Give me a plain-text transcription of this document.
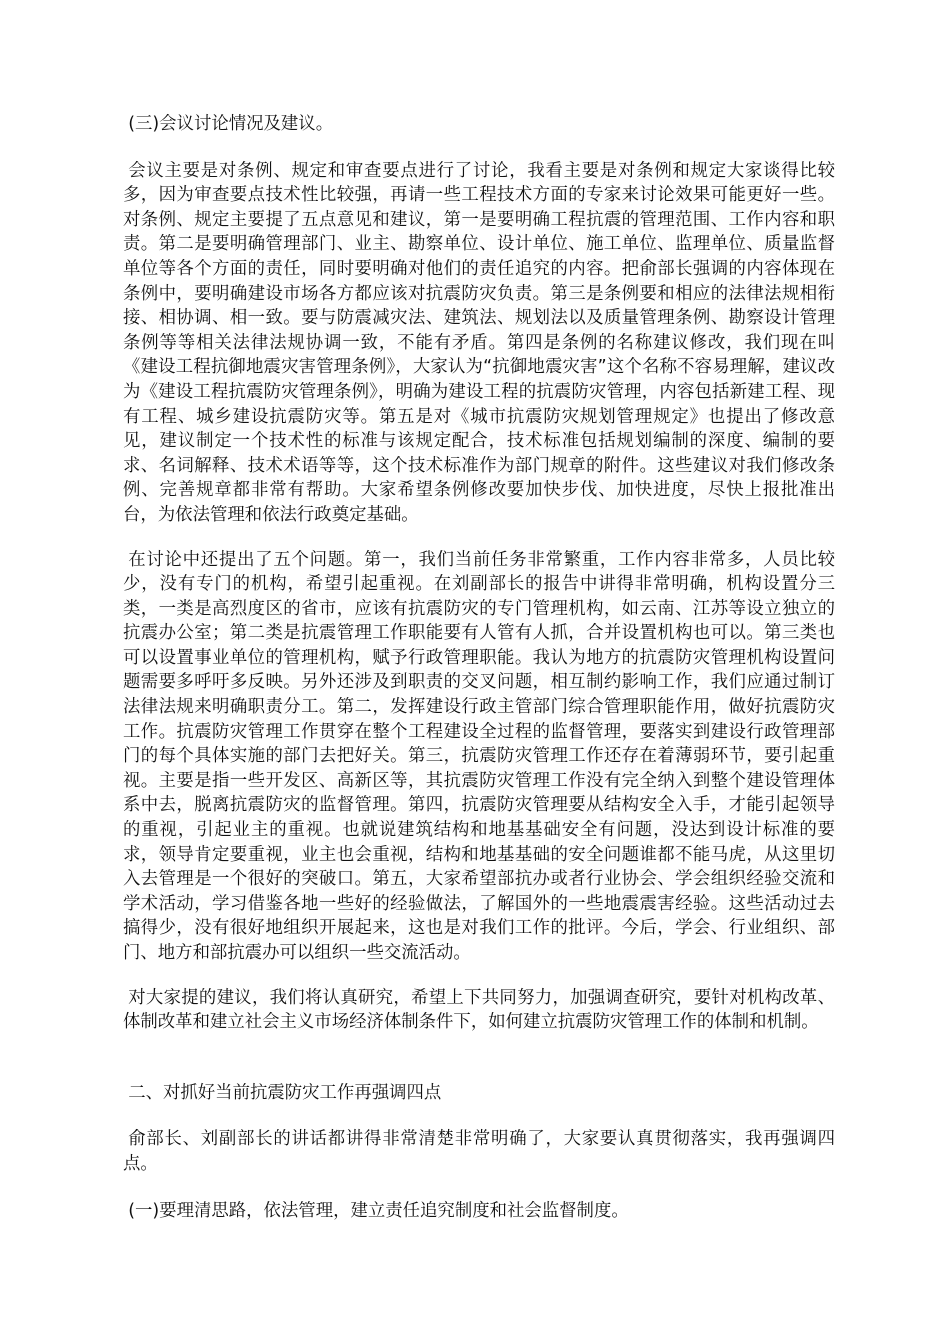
(三)会议讨论情况及建议。

会议主要是对条例、规定和审查要点进行了讨论，我看主要是对条例和规定大家谈得比较多，因为审查要点技术性比较强，再请一些工程技术方面的专家来讨论效果可能更好一些。对条例、规定主要提了五点意见和建议，第一是要明确工程抗震的管理范围、工作内容和职责。第二是要明确管理部门、业主、勘察单位、设计单位、施工单位、监理单位、质量监督单位等各个方面的责任，同时要明确对他们的责任追究的内容。把俞部长强调的内容体现在条例中，要明确建设市场各方都应该对抗震防灾负责。第三是条例要和相应的法律法规相衔接、相协调、相一致。要与防震减灾法、建筑法、规划法以及质量管理条例、勘察设计管理条例等等相关法律法规协调一致，不能有矛盾。第四是条例的名称建议修改，我们现在叫《建设工程抗御地震灾害管理条例》，大家认为“抗御地震灾害”这个名称不容易理解，建议改为《建设工程抗震防灾管理条例》，明确为建设工程的抗震防灾管理，内容包括新建工程、现有工程、城乡建设抗震防灾等。第五是对《城市抗震防灾规划管理规定》也提出了修改意见，建议制定一个技术性的标准与该规定配合，技术标准包括规划编制的深度、编制的要求、名词解释、技术术语等等，这个技术标准作为部门规章的附件。这些建议对我们修改条例、完善规章都非常有帮助。大家希望条例修改要加快步伐、加快进度，尽快上报批准出台，为依法管理和依法行政奠定基础。

在讨论中还提出了五个问题。第一，我们当前任务非常繁重，工作内容非常多，人员比较少，没有专门的机构，希望引起重视。在刘副部长的报告中讲得非常明确，机构设置分三类，一类是高烈度区的省市，应该有抗震防灾的专门管理机构，如云南、江苏等设立独立的抗震办公室；第二类是抗震管理工作职能要有人管有人抓，合并设置机构也可以。第三类也可以设置事业单位的管理机构，赋予行政管理职能。我认为地方的抗震防灾管理机构设置问题需要多呼吁多反映。另外还涉及到职责的交叉问题，相互制约影响工作，我们应通过制订法律法规来明确职责分工。第二，发挥建设行政主管部门综合管理职能作用，做好抗震防灾工作。抗震防灾管理工作贯穿在整个工程建设全过程的监督管理，要落实到建设行政管理部门的每个具体实施的部门去把好关。第三，抗震防灾管理工作还存在着薄弱环节，要引起重视。主要是指一些开发区、高新区等，其抗震防灾管理工作没有完全纳入到整个建设管理体系中去，脱离抗震防灾的监督管理。第四，抗震防灾管理要从结构安全入手，才能引起领导的重视，引起业主的重视。也就说建筑结构和地基基础安全有问题，没达到设计标准的要求，领导肯定要重视，业主也会重视，结构和地基基础的安全问题谁都不能马虎，从这里切入去管理是一个很好的突破口。第五，大家希望部抗办或者行业协会、学会组织经验交流和学术活动，学习借鉴各地一些好的经验做法，了解国外的一些地震震害经验。这些活动过去搞得少，没有很好地组织开展起来，这也是对我们工作的批评。今后，学会、行业组织、部门、地方和部抗震办可以组织一些交流活动。

对大家提的建议，我们将认真研究，希望上下共同努力，加强调查研究，要针对机构改革、体制改革和建立社会主义市场经济体制条件下，如何建立抗震防灾管理工作的体制和机制。

二、对抓好当前抗震防灾工作再强调四点

俞部长、刘副部长的讲话都讲得非常清楚非常明确了，大家要认真贯彻落实，我再强调四点。

(一)要理清思路，依法管理，建立责任追究制度和社会监督制度。
